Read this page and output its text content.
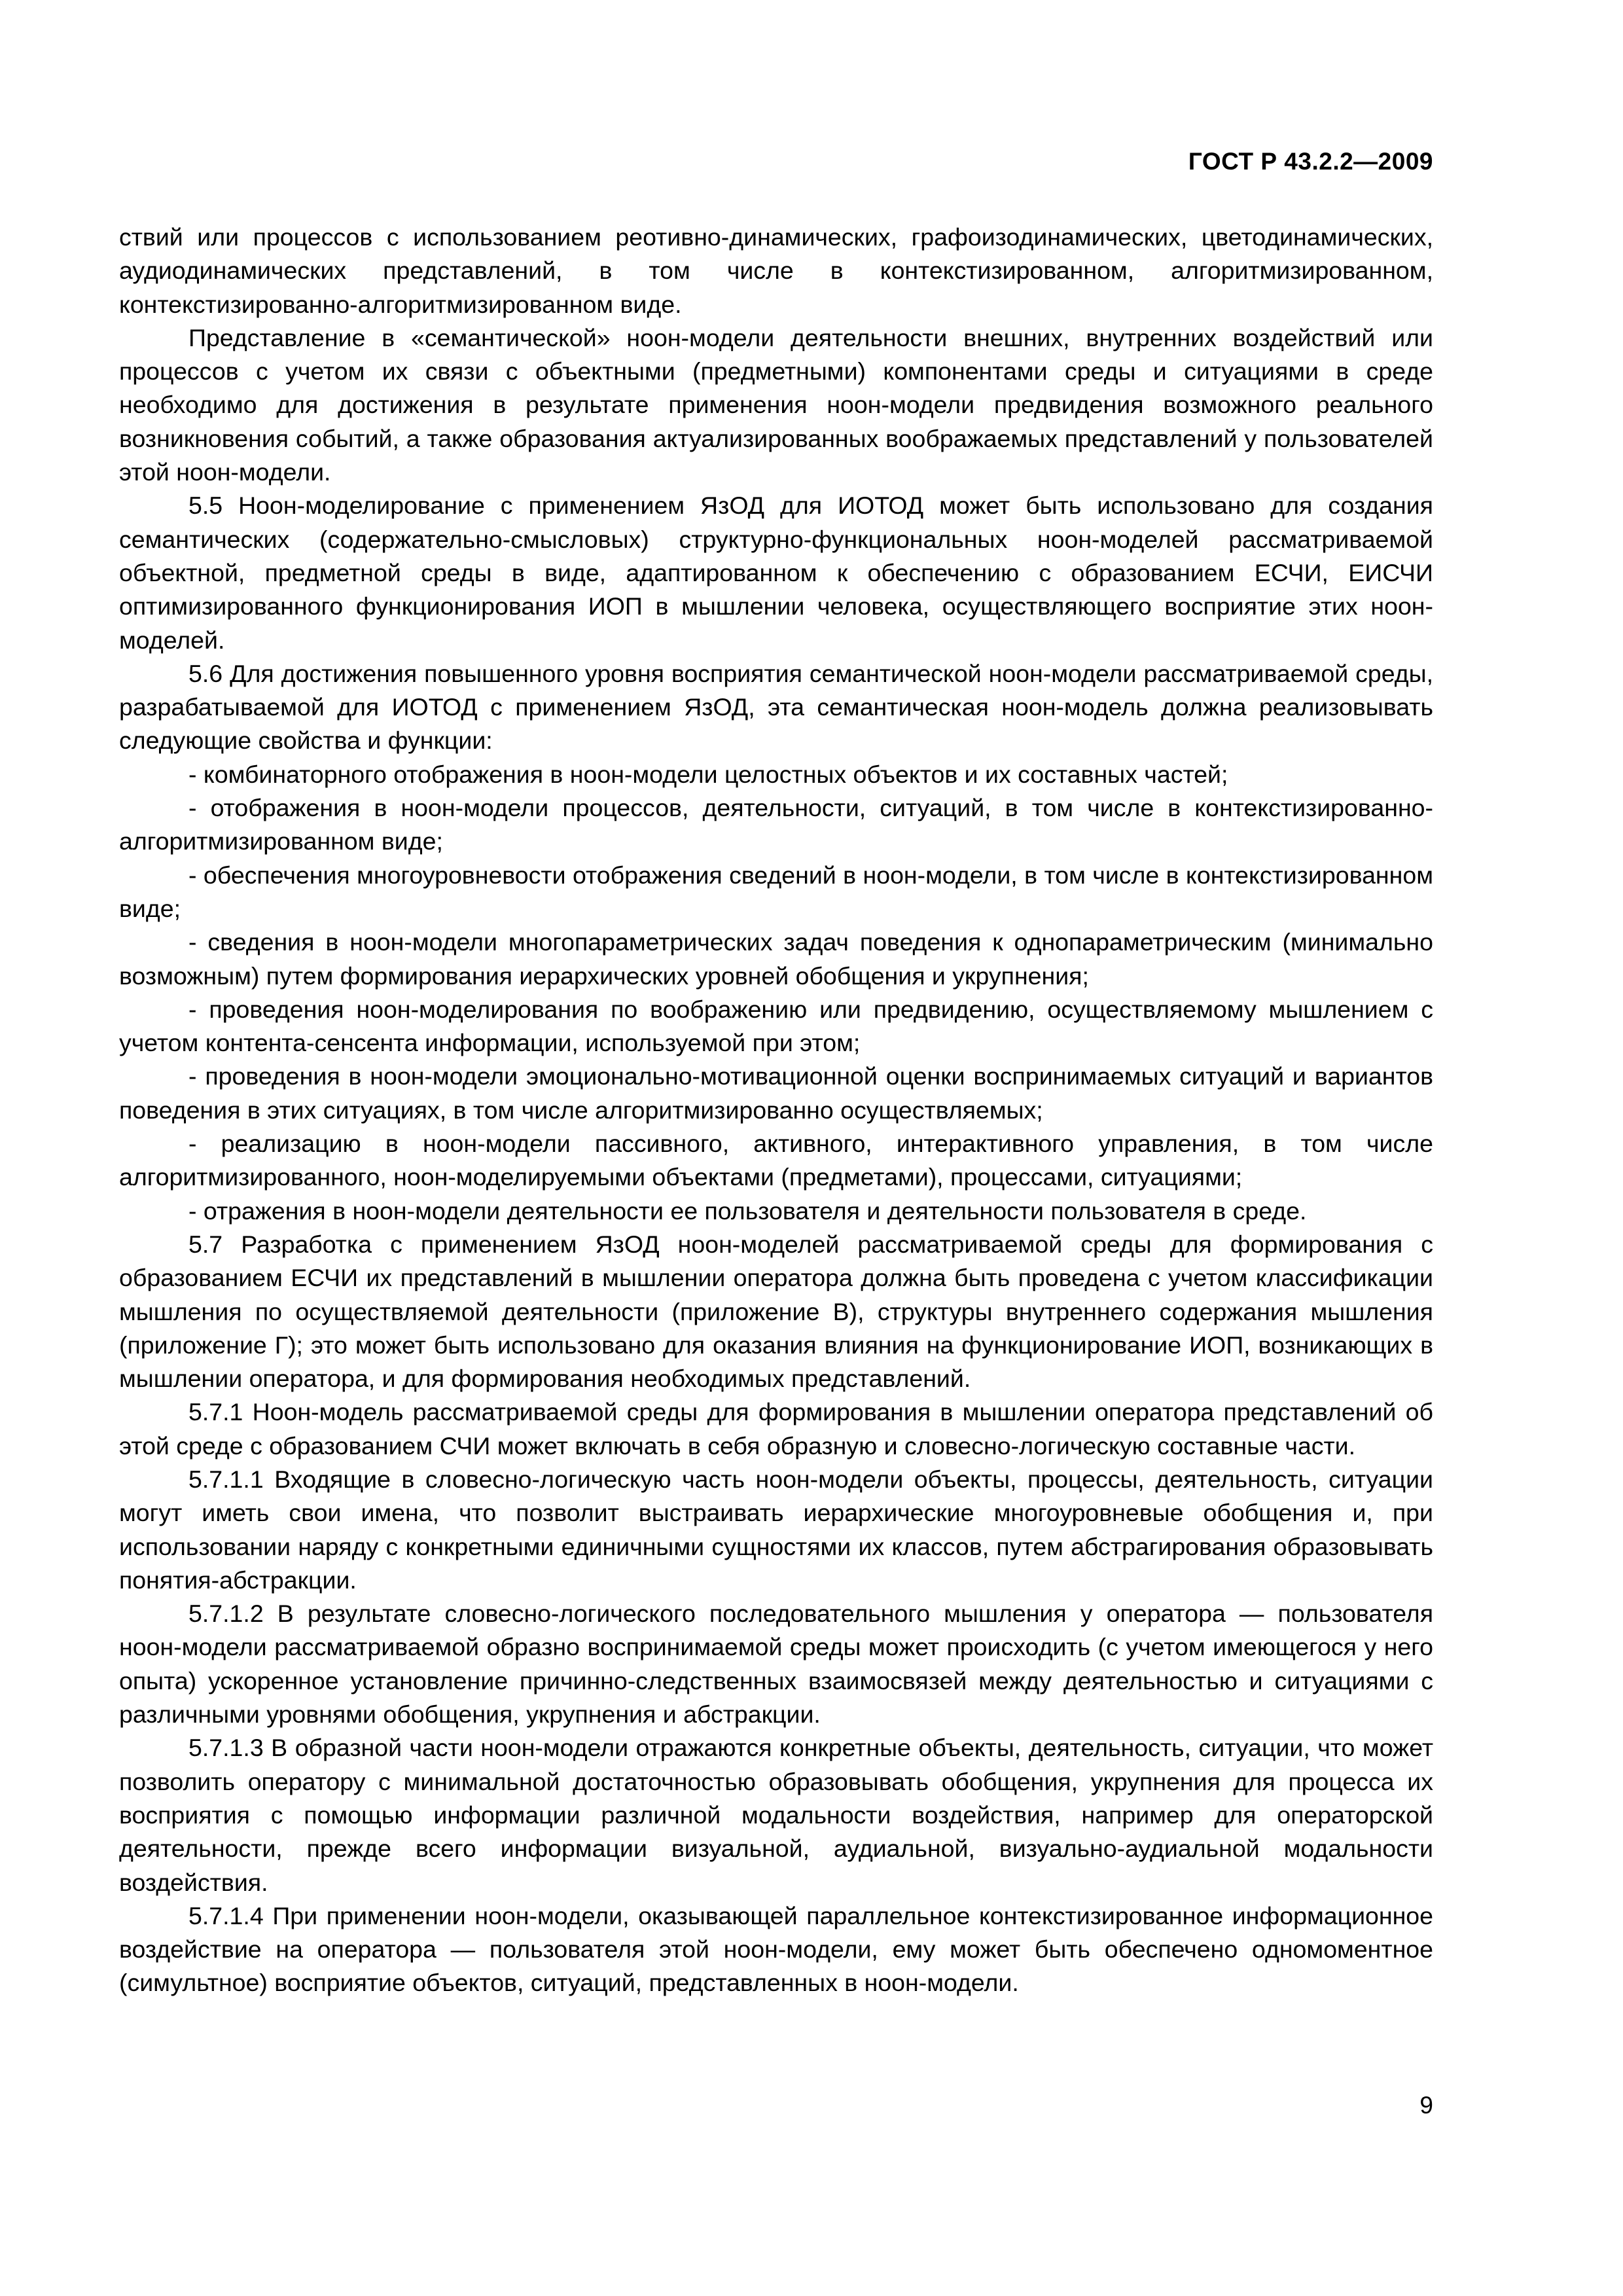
ГОСТ Р 43.2.2—2009

ствий или процессов с использованием реотивно-динамических, графоизодинамических, цветодинамических, аудиодинамических представлений, в том числе в контекстизированном, алгоритмизированном, контекстизированно-алгоритмизированном виде.

Представление в «семантической» ноон-модели деятельности внешних, внутренних воздействий или процессов с учетом их связи с объектными (предметными) компонентами среды и ситуациями в среде необходимо для достижения в результате применения ноон-модели предвидения возможного реального возникновения событий, а также образования актуализированных воображаемых представлений у пользователей этой ноон-модели.

5.5 Ноон-моделирование с применением ЯзОД для ИОТОД может быть использовано для создания семантических (содержательно-смысловых) структурно-функциональных ноон-моделей рассматриваемой объектной, предметной среды в виде, адаптированном к обеспечению с образованием ЕСЧИ, ЕИСЧИ оптимизированного функционирования ИОП в мышлении человека, осуществляющего восприятие этих ноон-моделей.

5.6 Для достижения повышенного уровня восприятия семантической ноон-модели рассматриваемой среды, разрабатываемой для ИОТОД с применением ЯзОД, эта семантическая ноон-модель должна реализовывать следующие свойства и функции:

- комбинаторного отображения в ноон-модели целостных объектов и их составных частей;

- отображения в ноон-модели процессов, деятельности, ситуаций, в том числе в контекстизированно-алгоритмизированном виде;

- обеспечения многоуровневости отображения сведений в ноон-модели, в том числе в контекстизированном виде;

- сведения в ноон-модели многопараметрических задач поведения к однопараметрическим (минимально возможным) путем формирования иерархических уровней обобщения и укрупнения;

- проведения ноон-моделирования по воображению или предвидению, осуществляемому мышлением с учетом контента-сенсента информации, используемой при этом;

- проведения в ноон-модели эмоционально-мотивационной оценки воспринимаемых ситуаций и вариантов поведения в этих ситуациях, в том числе алгоритмизированно осуществляемых;

- реализацию в ноон-модели пассивного, активного, интерактивного управления, в том числе алгоритмизированного, ноон-моделируемыми объектами (предметами), процессами, ситуациями;

- отражения в ноон-модели деятельности ее пользователя и деятельности пользователя в среде.

5.7 Разработка с применением ЯзОД ноон-моделей рассматриваемой среды для формирования с образованием ЕСЧИ их представлений в мышлении оператора должна быть проведена с учетом классификации мышления по осуществляемой деятельности (приложение В), структуры внутреннего содержания мышления (приложение Г); это может быть использовано для оказания влияния на функционирование ИОП, возникающих в мышлении оператора, и для формирования необходимых представлений.

5.7.1 Ноон-модель рассматриваемой среды для формирования в мышлении оператора представлений об этой среде с образованием СЧИ может включать в себя образную и словесно-логическую составные части.

5.7.1.1 Входящие в словесно-логическую часть ноон-модели объекты, процессы, деятельность, ситуации могут иметь свои имена, что позволит выстраивать иерархические многоуровневые обобщения и, при использовании наряду с конкретными единичными сущностями их классов, путем абстрагирования образовывать понятия-абстракции.

5.7.1.2 В результате словесно-логического последовательного мышления у оператора — пользователя ноон-модели рассматриваемой образно воспринимаемой среды может происходить (с учетом имеющегося у него опыта) ускоренное установление причинно-следственных взаимосвязей между деятельностью и ситуациями с различными уровнями обобщения, укрупнения и абстракции.

5.7.1.3 В образной части ноон-модели отражаются конкретные объекты, деятельность, ситуации, что может позволить оператору с минимальной достаточностью образовывать обобщения, укрупнения для процесса их восприятия с помощью информации различной модальности воздействия, например для операторской деятельности, прежде всего информации визуальной, аудиальной, визуально-аудиальной модальности воздействия.

5.7.1.4 При применении ноон-модели, оказывающей параллельное контекстизированное информационное воздействие на оператора — пользователя этой ноон-модели, ему может быть обеспечено одномоментное (симультное) восприятие объектов, ситуаций, представленных в ноон-модели.

9
